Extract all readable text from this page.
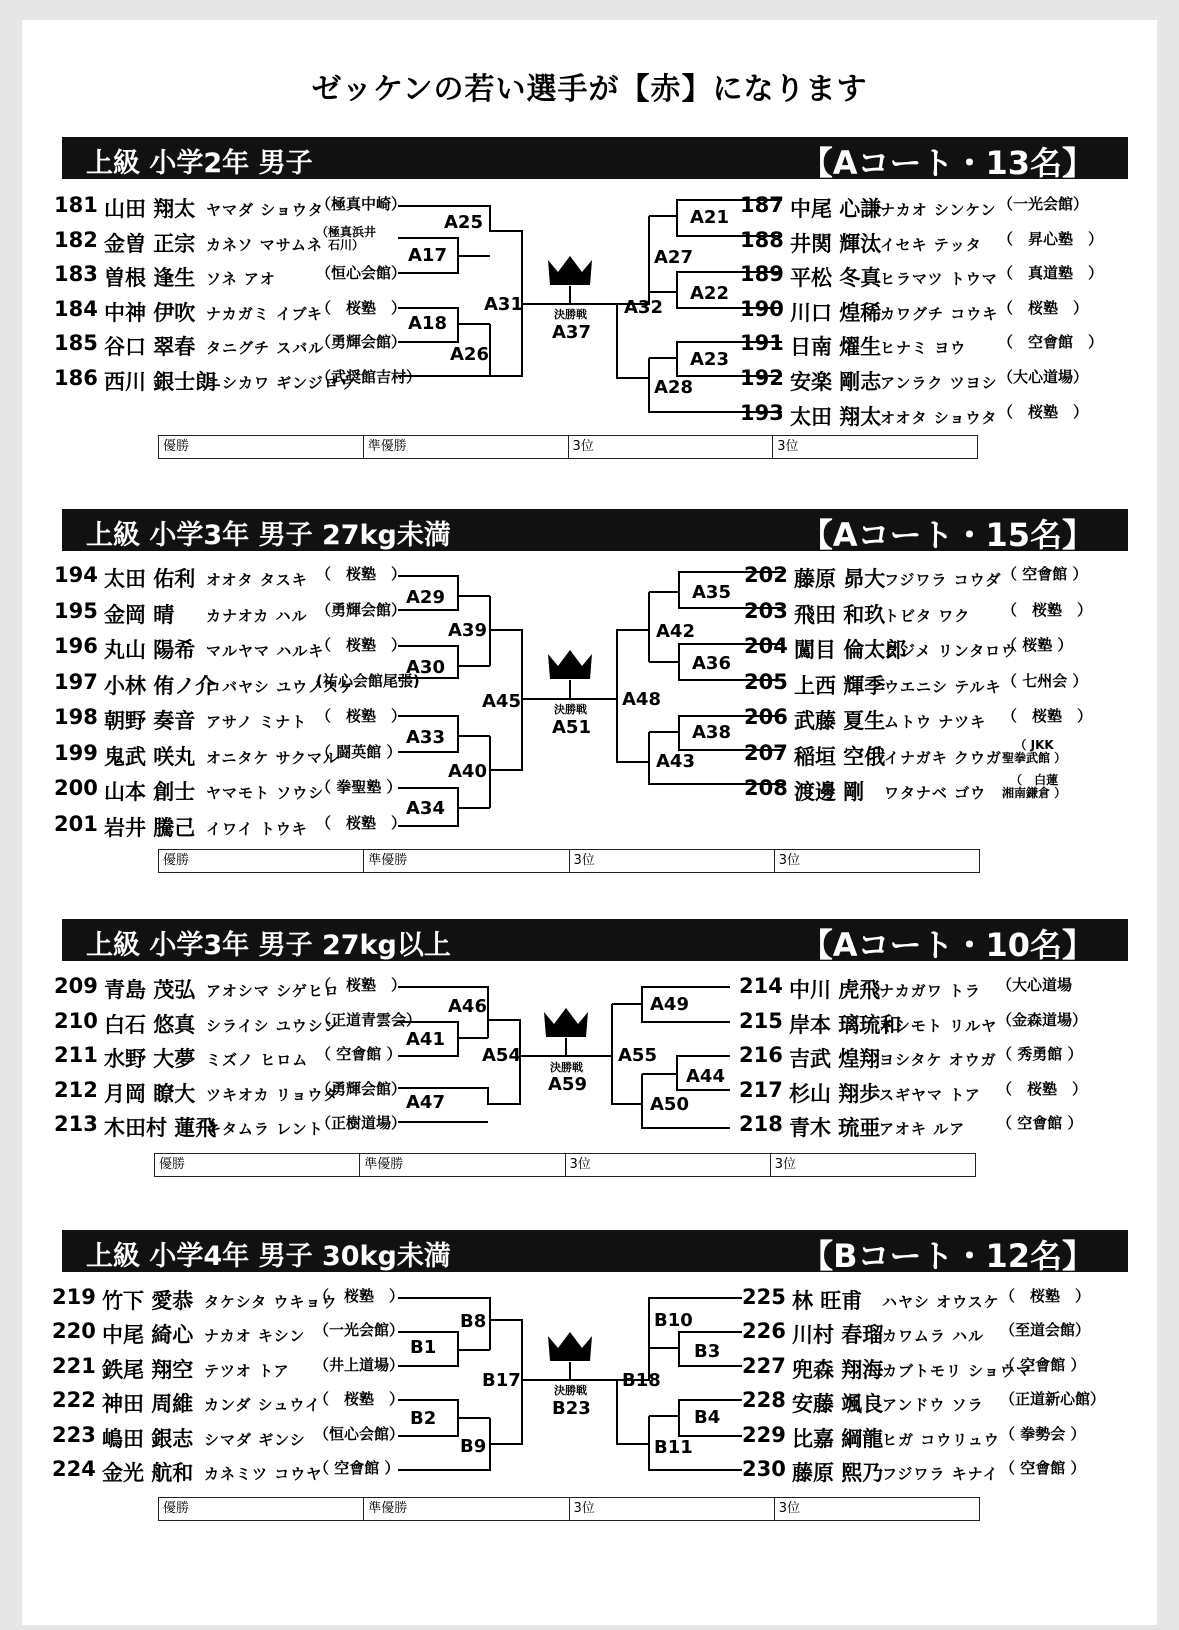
ゼッケンの若い選手が【赤】になります
上級 小学2年 男子	【Aコート・13名】
上級 小学3年 男子 27kg未満	【Aコート・15名】
上級 小学3年 男子 27kg以上	【Aコート・10名】
上級 小学4年 男子 30kg未満	【Bコート・12名】
優勝	準優勝	3位	3位
優勝	準優勝	3位	3位
優勝	準優勝	3位	3位
優勝	準優勝	3位	3位
A25
A17
A31
A18
A26
A21
A27
A22
A32
A23
A28
A29
A39
A30
A45
A33
A40
A34
A35
A42
A36
A48
A38
A43
A46
A41
A54
A47
A49
A55
A44
A50
B8
B1
B17
B2
B9
B10
B3
B18
B4
B11
決勝戦
A37
決勝戦
A51
決勝戦
A59
決勝戦
B23
181 山田 翔太 ヤマダ ショウタ
（極真中崎）
182 金曽 正宗 カネソ マサムネ
（極真浜井
石川）
183 曽根 逢生 ソネ アオ	（恒心会館）
184 中神 伊吹 ナカガミ イブキ
（　桜塾　）
185 谷口 翠春 タニグチ スバル
（勇輝会館）
186 西川 銀士朗
ニシカワ ギンジロウ
（武奨館吉村）
187 中尾 心謙
ナカオ シンケン （一光会館）
188 井関 輝汰
イセキ テッタ （　昇心塾　）
189 平松 冬真
ヒラマツ トウマ （　真道塾　）
190 川口 煌稀
カワグチ コウキ （　桜塾　）
191 日南 燿生
ヒナミ ヨウ （　空會館　）
192 安楽 剛志
アンラク ツヨシ （大心道場）
193 太田 翔太
オオタ ショウタ （　桜塾　）
194 太田 佑利 オオタ タスキ （　桜塾　）
195 金岡 晴 カナオカ ハル （勇輝会館）
196 丸山 陽希 マルヤマ ハルキ
（　桜塾　）
197 小林 侑ノ介
コバヤシ ユウノスケ
(祐心会館尾張)
198 朝野 奏音 アサノ ミナト （　桜塾　）
199 鬼武 咲丸 オニタケ サクマル
（ 闘英館 ）
200 山本 創士 ヤマモト ソウシ
（ 拳聖塾 ）
201 岩井 騰己 イワイ トウキ （　桜塾　）
202 藤原 昴大
フジワラ コウダ （ 空會館 ）
203 飛田 和玖
トビタ ワク （　桜塾　）
204 闖目 倫太郎
クジメ リンタロウ
（ 桜塾 ）
205 上西 輝季
ウエニシ テルキ （ 七州会 ）
206 武藤 夏生
ムトウ ナツキ （　桜塾　）
207 稲垣 空俄
イナガキ クウガ
（ JKK
聖拳武館 ）
208 渡邊 剛 ワタナベ ゴウ
（　白蓮
湘南鎌倉 ）
209 青島 茂弘 アオシマ シゲヒロ
（　桜塾　）
210 白石 悠真 シライシ ユウシン
（正道青雲会）
211 水野 大夢 ミズノ ヒロム （ 空會館 ）
212 月岡 瞭大 ツキオカ リョウタ
（勇輝会館）
213 木田村 蓮飛
キタムラ レント
（正樹道場）
214 中川 虎飛
ナカガワ トラ （大心道場
215 岸本 璃琉和
キシモト リルヤ （金森道場）
216 吉武 煌翔
ヨシタケ オウガ （ 秀勇館 ）
217 杉山 翔歩
スギヤマ トア （　桜塾　）
218 青木 琉亜
アオキ ルア （ 空會館 ）
219 竹下 愛恭 タケシタ ウキョウ
（　桜塾　）
220 中尾 綺心 ナカオ キシン （一光会館）
221 鉄尾 翔空 テツオ トア （井上道場）
222 神田 周維 カンダ シュウイ
（　桜塾　）
223 嶋田 銀志 シマダ ギンシ （恒心会館）
224 金光 航和 カネミツ コウヤ
（ 空會館 ）
225 林 旺甫 ハヤシ オウスケ （　桜塾　）
226 川村 春瑠
カワムラ ハル （至道会館）
227 兜森 翔海
カブトモリ ショウマ
（ 空會館 ）
228 安藤 颯良
アンドウ ソラ （正道新心館）
229 比嘉 綱龍
ヒガ コウリュウ （ 拳勢会 ）
230 藤原 熙乃
フジワラ キナイ （ 空會館 ）
